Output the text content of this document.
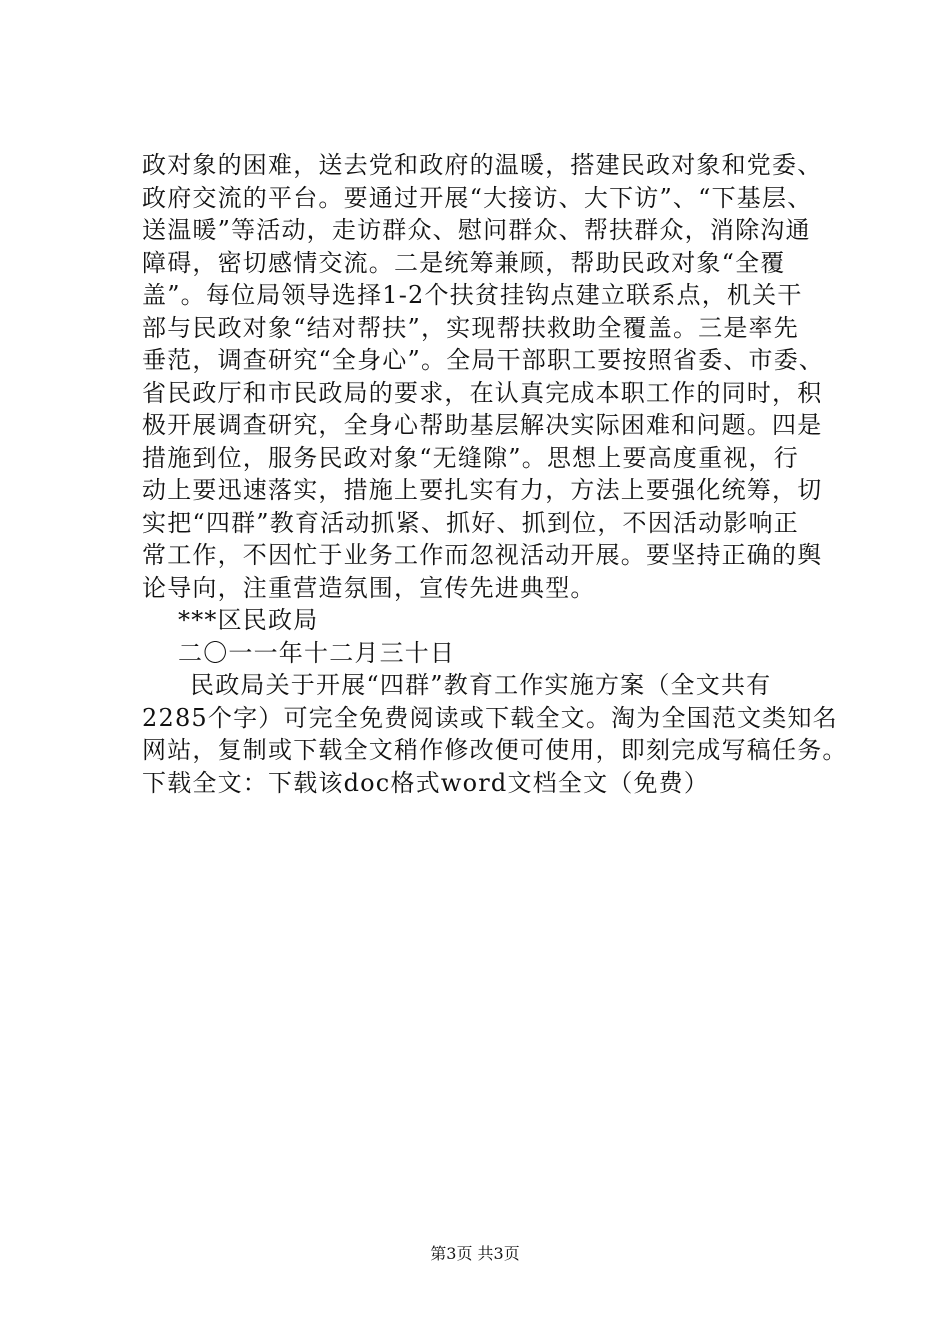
政对象的困难，送去党和政府的温暖，搭建民政对象和党委、
政府交流的平台。要通过开展“大接访、大下访”、“下基层、
送温暖”等活动，走访群众、慰问群众、帮扶群众，消除沟通
障碍，密切感情交流。二是统筹兼顾，帮助民政对象“全覆
盖”。每位局领导选择1-2个扶贫挂钩点建立联系点，机关干
部与民政对象“结对帮扶”，实现帮扶救助全覆盖。三是率先
垂范，调查研究“全身心”。全局干部职工要按照省委、市委、
省民政厅和市民政局的要求，在认真完成本职工作的同时，积
极开展调查研究，全身心帮助基层解决实际困难和问题。四是
措施到位，服务民政对象“无缝隙”。思想上要高度重视，行
动上要迅速落实，措施上要扎实有力，方法上要强化统筹，切
实把“四群”教育活动抓紧、抓好、抓到位，不因活动影响正
常工作，不因忙于业务工作而忽视活动开展。要坚持正确的舆
论导向，注重营造氛围，宣传先进典型。
***区民政局
二〇一一年十二月三十日
民政局关于开展“四群”教育工作实施方案（全文共有
2285个字）可完全免费阅读或下载全文。淘为全国范文类知名
网站，复制或下载全文稍作修改便可使用，即刻完成写稿任务。
下载全文：下载该doc格式word文档全文（免费）
第3页 共3页
